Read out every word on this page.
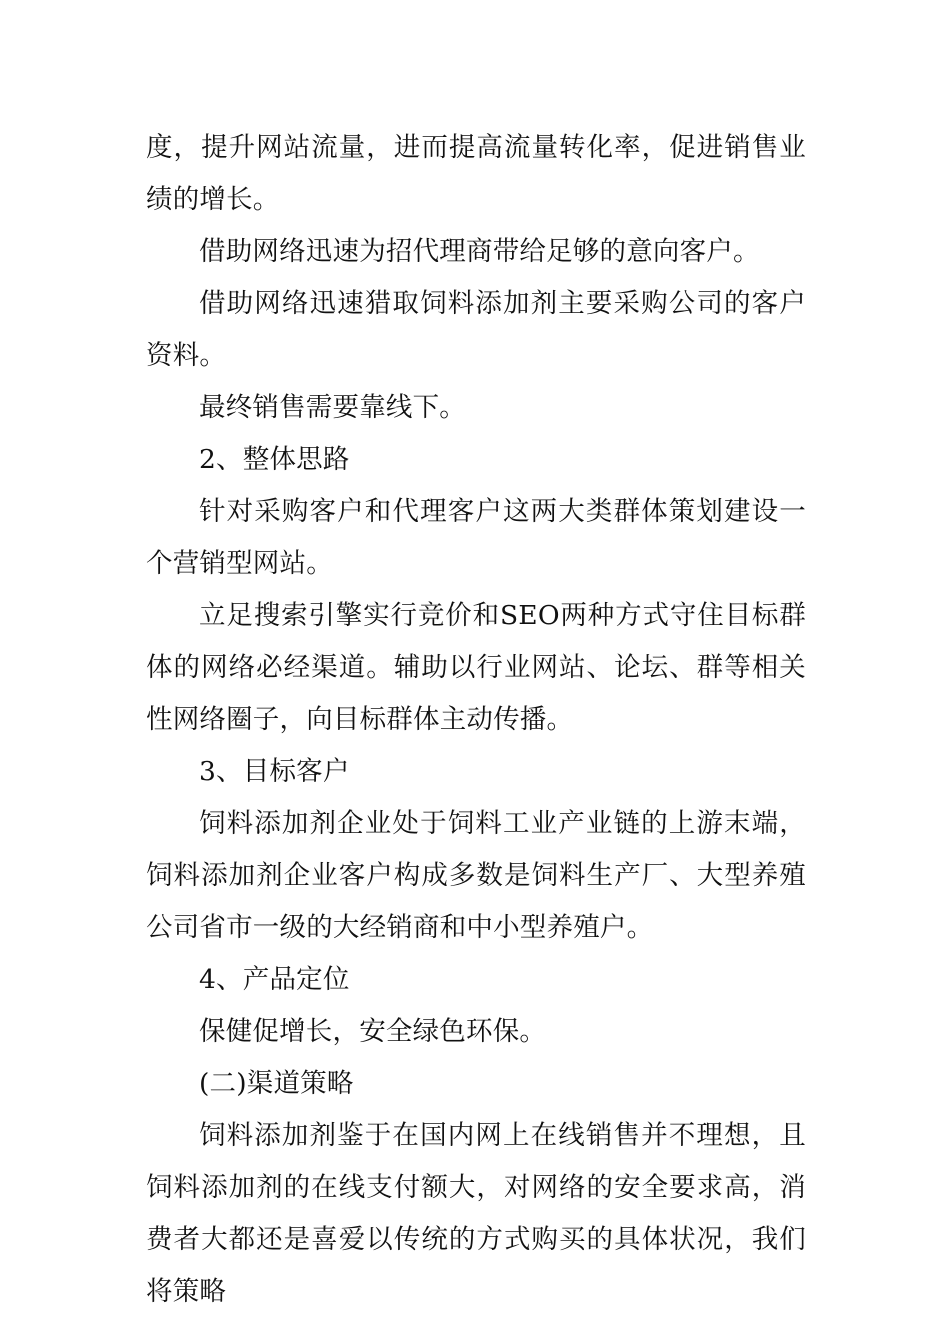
度，提升网站流量，进而提高流量转化率，促进销售业绩的增长。

借助网络迅速为招代理商带给足够的意向客户。

借助网络迅速猎取饲料添加剂主要采购公司的客户资料。

最终销售需要靠线下。

2、整体思路

针对采购客户和代理客户这两大类群体策划建设一个营销型网站。

立足搜索引擎实行竞价和SEO两种方式守住目标群体的网络必经渠道。辅助以行业网站、论坛、群等相关性网络圈子，向目标群体主动传播。

3、目标客户

饲料添加剂企业处于饲料工业产业链的上游末端，饲料添加剂企业客户构成多数是饲料生产厂、大型养殖公司省市一级的大经销商和中小型养殖户。

4、产品定位

保健促增长，安全绿色环保。

(二)渠道策略

饲料添加剂鉴于在国内网上在线销售并不理想，且饲料添加剂的在线支付额大，对网络的安全要求高，消费者大都还是喜爱以传统的方式购买的具体状况，我们将策略
